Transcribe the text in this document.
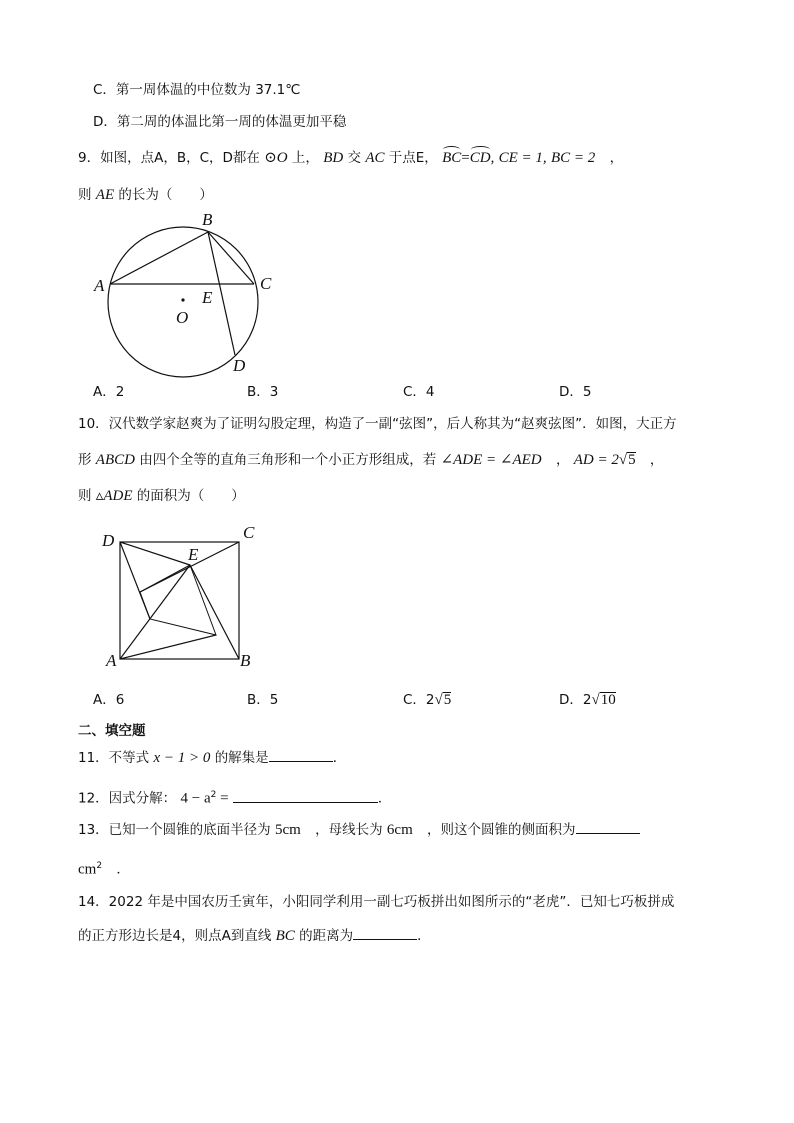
C．第一周体温的中位数为 37.1℃
D．第二周的体温比第一周的体温更加平稳
9．如图，点A，B，C，D都在 ⊙O 上， BD 交 AC 于点E， BC=CD, CE = 1, BC = 2 ，
则 AE 的长为（　　）
B
A	C
E
O
D
A．2	B．3	C．4	D．5
10．汉代数学家赵爽为了证明勾股定理，构造了一副“弦图”，后人称其为“赵爽弦图”．如图，大正方
形 ABCD 由四个全等的直角三角形和一个小正方形组成，若 ∠ADE = ∠AED ， AD = 2√5 ，
则 ▵ADE 的面积为（　　）
D	C
E
A	B
A．6	B．5	C．2√5	D．2√10
二、填空题
11．不等式 x − 1 > 0 的解集是	．
12．因式分解： $4 - a^2$ =	．
13．已知一个圆锥的底面半径为 5cm ，母线长为 6cm ，则这个圆锥的侧面积为
$cm^2$ ．
14．2022 年是中国农历壬寅年，小阳同学利用一副七巧板拼出如图所示的“老虎”．已知七巧板拼成
的正方形边长是4，则点A到直线 BC 的距离为	．
